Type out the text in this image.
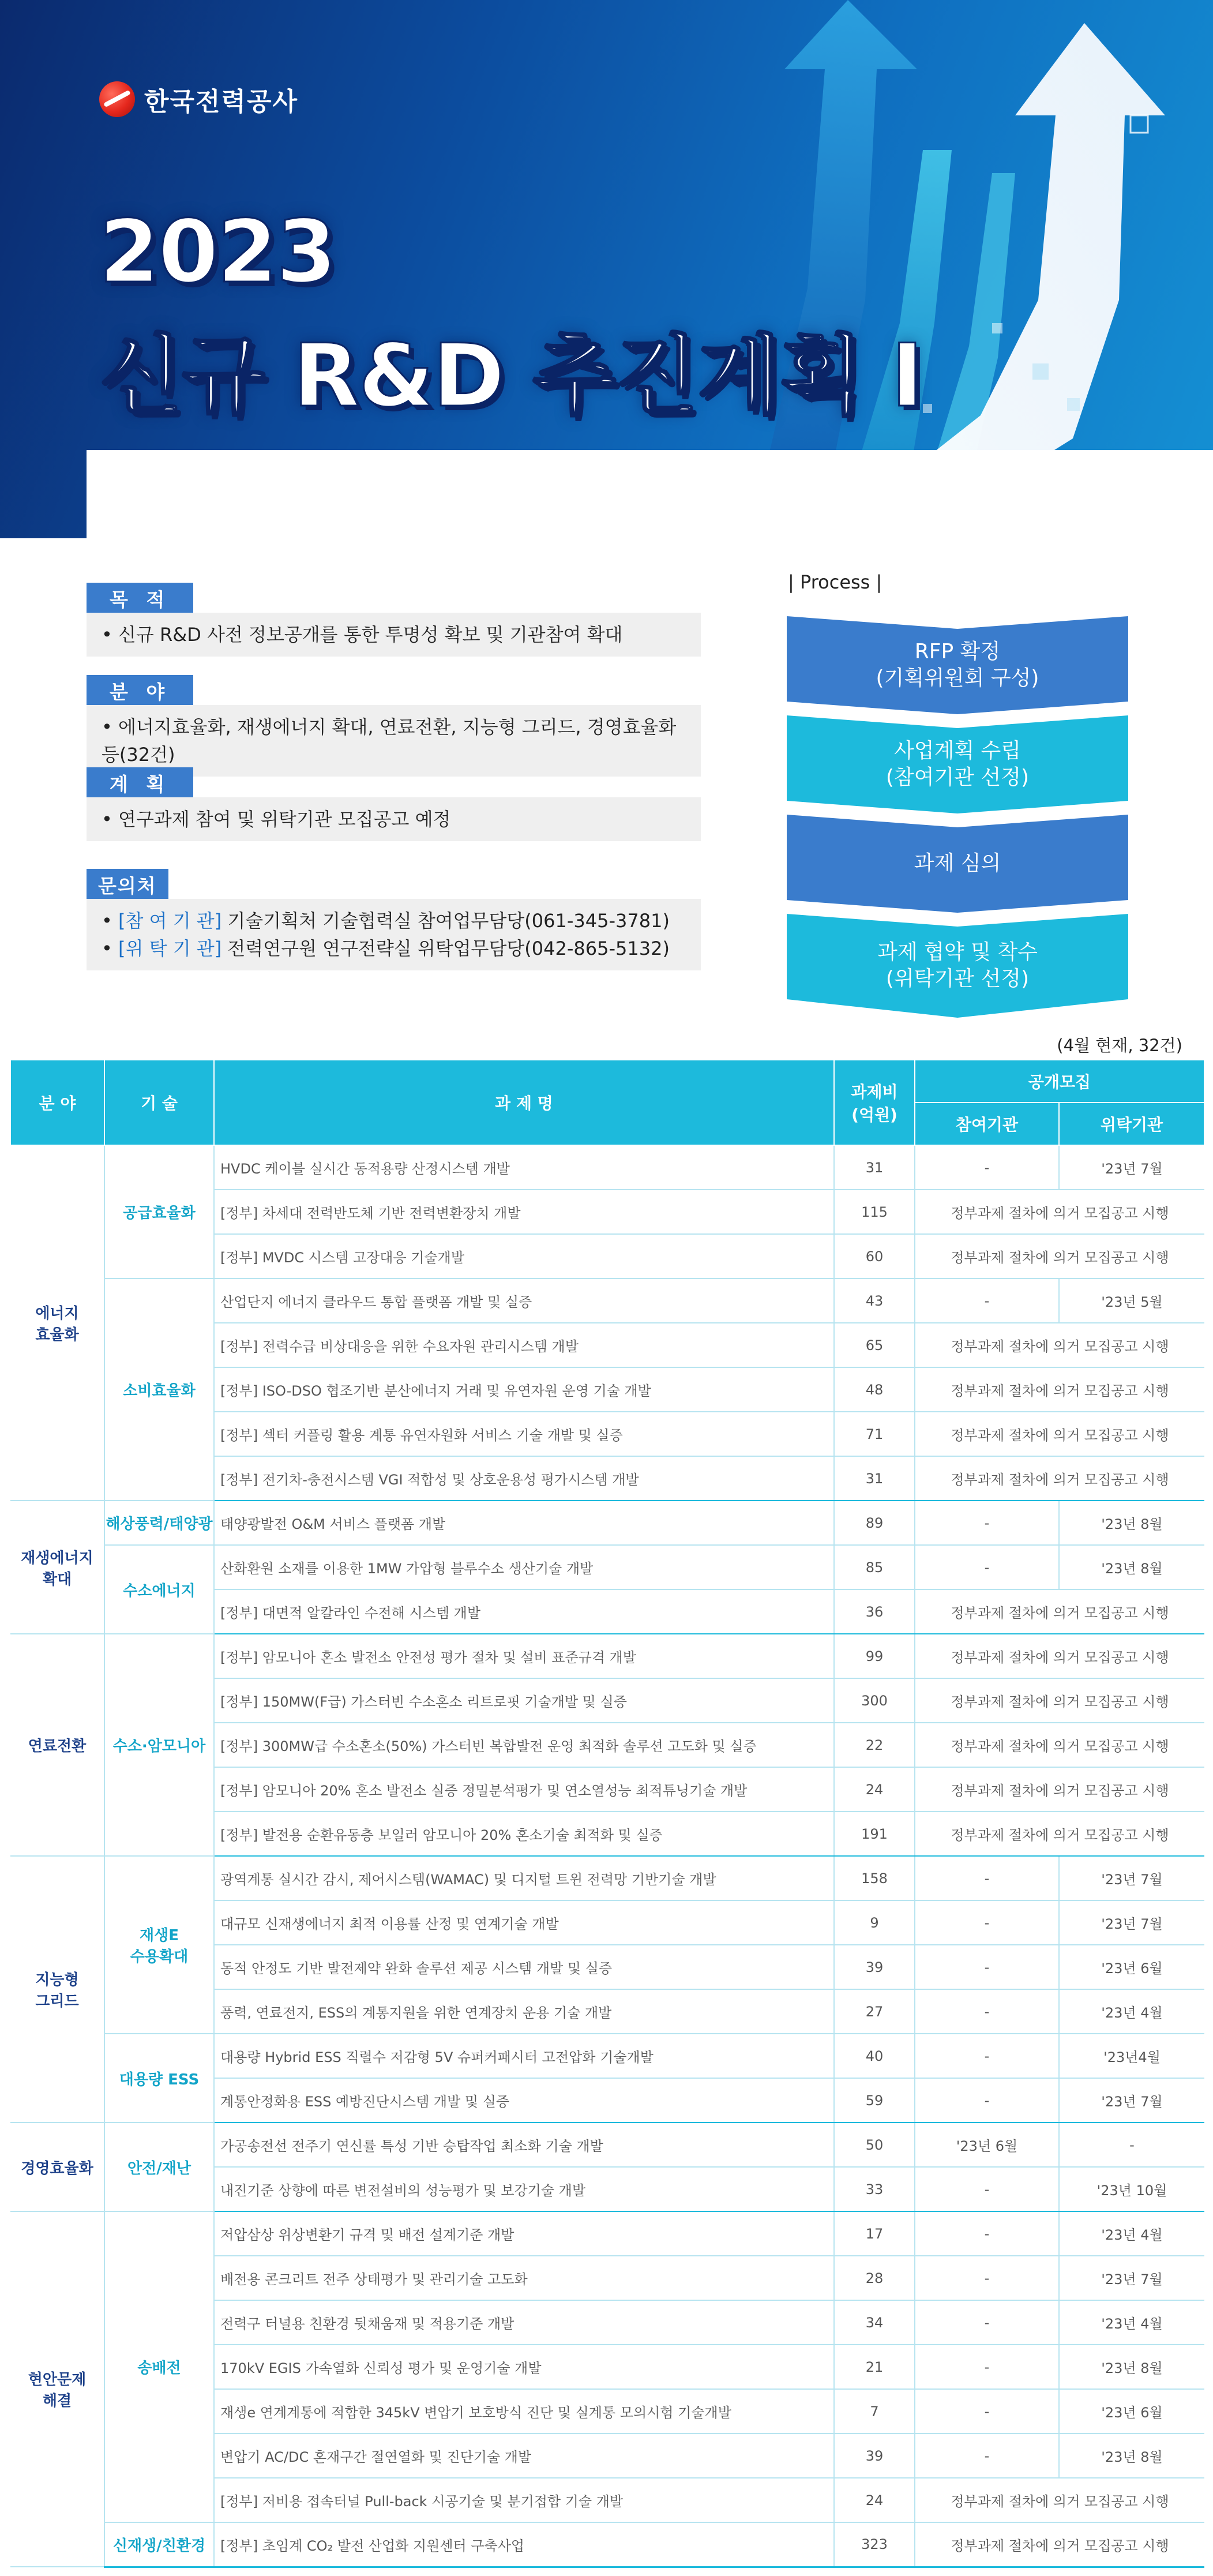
한국전력공사
2023
신규 R&D 추진계획 I
목 적
• 신규 R&D 사전 정보공개를 통한 투명성 확보 및 기관참여 확대
분 야
• 에너지효율화, 재생에너지 확대, 연료전환, 지능형 그리드, 경영효율화 등(32건)
계 획
• 연구과제 참여 및 위탁기관 모집공고 예정
문의처
• [참 여 기 관] 기술기획처 기술협력실 참여업무담당(061-345-3781)
• [위 탁 기 관] 전력연구원 연구전략실 위탁업무담당(042-865-5132)
| Process |
RFP 확정
(기획위원회 구성)
사업계획 수립
(참여기관 선정)
과제 심의
과제 협약 및 착수
(위탁기관 선정)
(4월 현재, 32건)
분 야	기 술	과 제 명	과제비
(억원)	공개모집	
				참여기관	위탁기관
에너지
효율화	공급효율화	HVDC 케이블 실시간 동적용량 산정시스템 개발	31	-	'23년 7월
		[정부] 차세대 전력반도체 기반 전력변환장치 개발	115	정부과제 절차에 의거 모집공고 시행	
		[정부] MVDC 시스템 고장대응 기술개발	60	정부과제 절차에 의거 모집공고 시행	
	소비효율화	산업단지 에너지 클라우드 통합 플랫폼 개발 및 실증	43	-	'23년 5월
		[정부] 전력수급 비상대응을 위한 수요자원 관리시스템 개발	65	정부과제 절차에 의거 모집공고 시행	
		[정부] ISO-DSO 협조기반 분산에너지 거래 및 유연자원 운영 기술 개발	48	정부과제 절차에 의거 모집공고 시행	
		[정부] 섹터 커플링 활용 계통 유연자원화 서비스 기술 개발 및 실증	71	정부과제 절차에 의거 모집공고 시행	
		[정부] 전기차-충전시스템 VGI 적합성 및 상호운용성 평가시스템 개발	31	정부과제 절차에 의거 모집공고 시행	
재생에너지
확대	해상풍력/태양광	태양광발전 O&M 서비스 플랫폼 개발	89	-	'23년 8월
	수소에너지	산화환원 소재를 이용한 1MW 가압형 블루수소 생산기술 개발	85	-	'23년 8월
		[정부] 대면적 알칼라인 수전해 시스템 개발	36	정부과제 절차에 의거 모집공고 시행	
연료전환	수소·암모니아	[정부] 암모니아 혼소 발전소 안전성 평가 절차 및 설비 표준규격 개발	99	정부과제 절차에 의거 모집공고 시행	
		[정부] 150MW(F급) 가스터빈 수소혼소 리트로핏 기술개발 및 실증	300	정부과제 절차에 의거 모집공고 시행	
		[정부] 300MW급 수소혼소(50%) 가스터빈 복합발전 운영 최적화 솔루션 고도화 및 실증	22	정부과제 절차에 의거 모집공고 시행	
		[정부] 암모니아 20% 혼소 발전소 실증 정밀분석평가 및 연소열성능 최적튜닝기술 개발	24	정부과제 절차에 의거 모집공고 시행	
		[정부] 발전용 순환유동층 보일러 암모니아 20% 혼소기술 최적화 및 실증	191	정부과제 절차에 의거 모집공고 시행	
지능형
그리드	재생E
수용확대	광역계통 실시간 감시, 제어시스템(WAMAC) 및 디지털 트윈 전력망 기반기술 개발	158	-	'23년 7월
		대규모 신재생에너지 최적 이용률 산정 및 연계기술 개발	9	-	'23년 7월
		동적 안정도 기반 발전제약 완화 솔루션 제공 시스템 개발 및 실증	39	-	'23년 6월
		풍력, 연료전지, ESS의 계통지원을 위한 연계장치 운용 기술 개발	27	-	'23년 4월
	대용량 ESS	대용량 Hybrid ESS 직렬수 저감형 5V 슈퍼커패시터 고전압화 기술개발	40	-	'23년4월
		계통안정화용 ESS 예방진단시스템 개발 및 실증	59	-	'23년 7월
경영효율화	안전/재난	가공송전선 전주기 연신률 특성 기반 승탑작업 최소화 기술 개발	50	'23년 6월	-
		내진기준 상향에 따른 변전설비의 성능평가 및 보강기술 개발	33	-	'23년 10월
현안문제
해결	송배전	저압삼상 위상변환기 규격 및 배전 설계기준 개발	17	-	'23년 4월
		배전용 콘크리트 전주 상태평가 및 관리기술 고도화	28	-	'23년 7월
		전력구 터널용 친환경 뒷채움재 및 적용기준 개발	34	-	'23년 4월
		170kV EGIS 가속열화 신뢰성 평가 및 운영기술 개발	21	-	'23년 8월
		재생e 연계계통에 적합한 345kV 변압기 보호방식 진단 및 실계통 모의시험 기술개발	7	-	'23년 6월
		변압기 AC/DC 혼재구간 절연열화 및 진단기술 개발	39	-	'23년 8월
		[정부] 저비용 접속터널 Pull-back 시공기술 및 분기접합 기술 개발	24	정부과제 절차에 의거 모집공고 시행	
	신재생/친환경	[정부] 초임계 CO₂ 발전 산업화 지원센터 구축사업	323	정부과제 절차에 의거 모집공고 시행	
